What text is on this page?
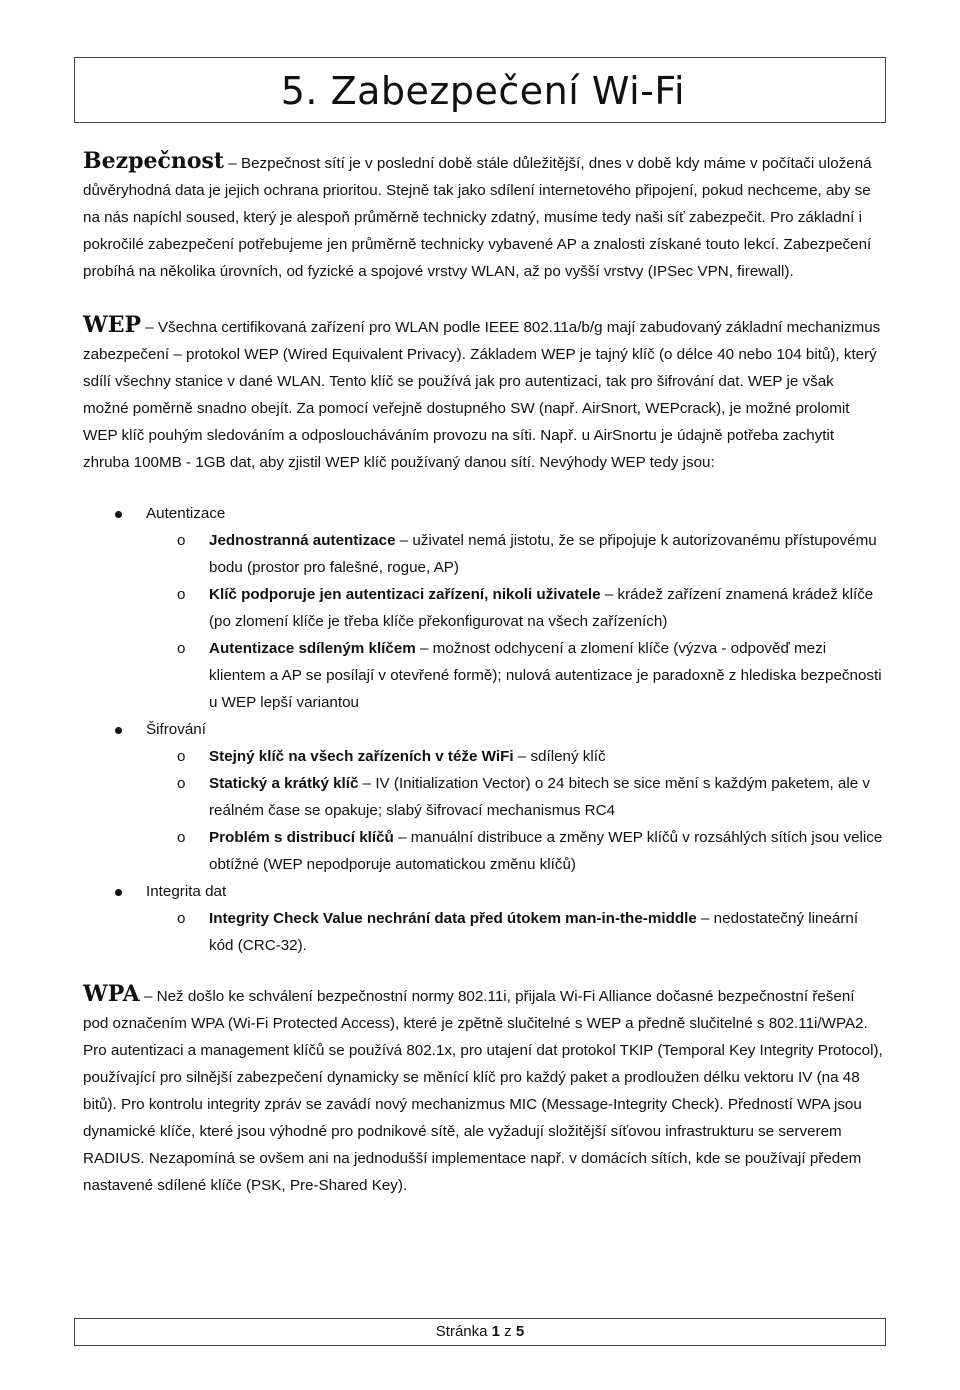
5. Zabezpečení Wi-Fi

Bezpečnost – Bezpečnost sítí je v poslední době stále důležitější, dnes v době kdy máme v počítači uložená důvěryhodná data je jejich ochrana prioritou. Stejně tak jako sdílení internetového připojení, pokud nechceme, aby se na nás napíchl soused, který je alespoň průměrně technicky zdatný, musíme tedy naši síť zabezpečit. Pro základní i pokročilé zabezpečení potřebujeme jen průměrně technicky vybavené AP a znalosti získané touto lekcí. Zabezpečení probíhá na několika úrovních, od fyzické a spojové vrstvy WLAN, až po vyšší vrstvy (IPSec VPN, firewall).

WEP – Všechna certifikovaná zařízení pro WLAN podle IEEE 802.11a/b/g mají zabudovaný základní mechanizmus zabezpečení – protokol WEP (Wired Equivalent Privacy). Základem WEP je tajný klíč (o délce 40 nebo 104 bitů), který sdílí všechny stanice v dané WLAN. Tento klíč se používá jak pro autentizaci, tak pro šifrování dat. WEP je však možné poměrně snadno obejít. Za pomocí veřejně dostupného SW (např. AirSnort, WEPcrack), je možné prolomit WEP klíč pouhým sledováním a odposloucháváním provozu na síti. Např. u AirSnortu je údajně potřeba zachytit zhruba 100MB - 1GB dat, aby zjistil WEP klíč používaný danou sítí. Nevýhody WEP tedy jsou:

Autentizace
o Jednostranná autentizace – uživatel nemá jistotu, že se připojuje k autorizovanému přístupovému bodu (prostor pro falešné, rogue, AP)
o Klíč podporuje jen autentizaci zařízení, nikoli uživatele – krádež zařízení znamená krádež klíče (po zlomení klíče je třeba klíče překonfigurovat na všech zařízeních)
o Autentizace sdíleným klíčem – možnost odchycení a zlomení klíče (výzva - odpověď mezi klientem a AP se posílají v otevřené formě); nulová autentizace je paradoxně z hlediska bezpečnosti u WEP lepší variantou
Šifrování
o Stejný klíč na všech zařízeních v téže WiFi – sdílený klíč
o Statický a krátký klíč – IV (Initialization Vector) o 24 bitech se sice mění s každým paketem, ale v reálném čase se opakuje; slabý šifrovací mechanismus RC4
o Problém s distribucí klíčů – manuální distribuce a změny WEP klíčů v rozsáhlých sítích jsou velice obtížné (WEP nepodporuje automatickou změnu klíčů)
Integrita dat
o Integrity Check Value nechrání data před útokem man-in-the-middle – nedostatečný lineární kód (CRC-32).

WPA – Než došlo ke schválení bezpečnostní normy 802.11i, přijala Wi-Fi Alliance dočasné bezpečnostní řešení pod označením WPA (Wi-Fi Protected Access), které je zpětně slučitelné s WEP a předně slučitelné s 802.11i/WPA2. Pro autentizaci a management klíčů se používá 802.1x, pro utajení dat protokol TKIP (Temporal Key Integrity Protocol), používající pro silnější zabezpečení dynamicky se měnící klíč pro každý paket a prodloužen délku vektoru IV (na 48 bitů). Pro kontrolu integrity zpráv se zavádí nový mechanizmus MIC (Message-Integrity Check). Předností WPA jsou dynamické klíče, které jsou výhodné pro podnikové sítě, ale vyžadují složitější síťovou infrastrukturu se serverem RADIUS. Nezapomíná se ovšem ani na jednodušší implementace např. v domácích sítích, kde se používají předem nastavené sdílené klíče (PSK, Pre-Shared Key).

Stránka 1 z 5
